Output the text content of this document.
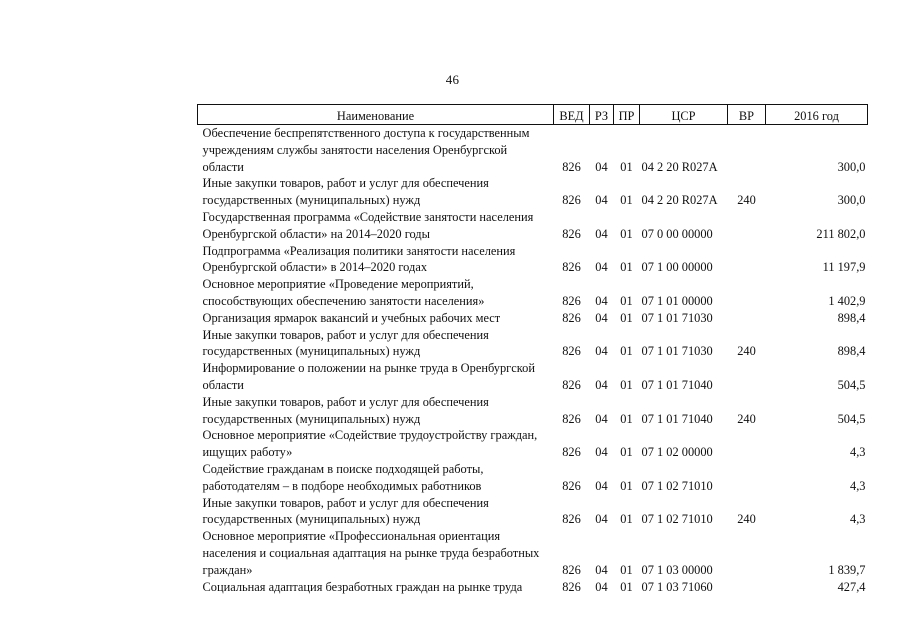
46
Наименование	ВЕД	РЗ	ПР	ЦСР	ВР	2016 год
Обеспечение беспрепятственного доступа к государственным учреждениям службы занятости населения Оренбургской области	826	04	01	04 2 20 R027A		300,0
Иные закупки товаров, работ и услуг для обеспечения государственных (муниципальных) нужд	826	04	01	04 2 20 R027A	240	300,0
Государственная программа «Содействие занятости населения Оренбургской области» на 2014–2020 годы	826	04	01	07 0 00 00000		211 802,0
Подпрограмма «Реализация политики занятости населения Оренбургской области» в 2014–2020 годах	826	04	01	07 1 00 00000		11 197,9
Основное мероприятие «Проведение мероприятий, способствующих обеспечению занятости населения»	826	04	01	07 1 01 00000		1 402,9
Организация ярмарок вакансий и учебных рабочих мест	826	04	01	07 1 01 71030		898,4
Иные закупки товаров, работ и услуг для обеспечения государственных (муниципальных) нужд	826	04	01	07 1 01 71030	240	898,4
Информирование о положении на рынке труда в Оренбургской области	826	04	01	07 1 01 71040		504,5
Иные закупки товаров, работ и услуг для обеспечения государственных (муниципальных) нужд	826	04	01	07 1 01 71040	240	504,5
Основное мероприятие «Содействие трудоустройству граждан, ищущих работу»	826	04	01	07 1 02 00000		4,3
Содействие гражданам в поиске подходящей работы, работодателям – в подборе необходимых работников	826	04	01	07 1 02 71010		4,3
Иные закупки товаров, работ и услуг для обеспечения государственных (муниципальных) нужд	826	04	01	07 1 02 71010	240	4,3
Основное мероприятие «Профессиональная ориентация населения и социальная адаптация на рынке труда безработных граждан»	826	04	01	07 1 03 00000		1 839,7
Социальная адаптация безработных граждан на рынке труда	826	04	01	07 1 03 71060		427,4
